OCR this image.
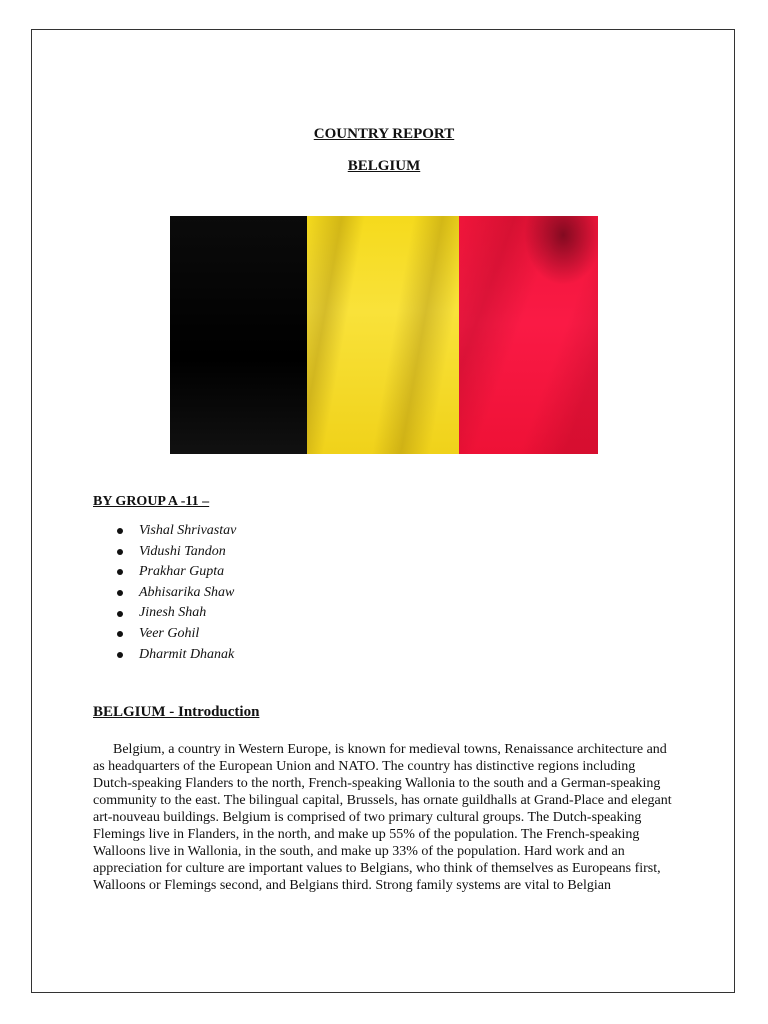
COUNTRY REPORT
BELGIUM
BY GROUP A -11 –
Vishal Shrivastav
Vidushi Tandon
Prakhar Gupta
Abhisarika Shaw
Jinesh Shah
Veer Gohil
Dharmit Dhanak
BELGIUM - Introduction

Belgium, a country in Western Europe, is known for medieval towns, Renaissance architecture and as headquarters of the European Union and NATO. The country has distinctive regions including Dutch-speaking Flanders to the north, French-speaking Wallonia to the south and a German-speaking community to the east. The bilingual capital, Brussels, has ornate guildhalls at Grand-Place and elegant art-nouveau buildings. Belgium is comprised of two primary cultural groups. The Dutch-speaking Flemings live in Flanders, in the north, and make up 55% of the population. The French-speaking Walloons live in Wallonia, in the south, and make up 33% of the population. Hard work and an appreciation for culture are important values to Belgians, who think of themselves as Europeans first, Walloons or Flemings second, and Belgians third. Strong family systems are vital to Belgian
